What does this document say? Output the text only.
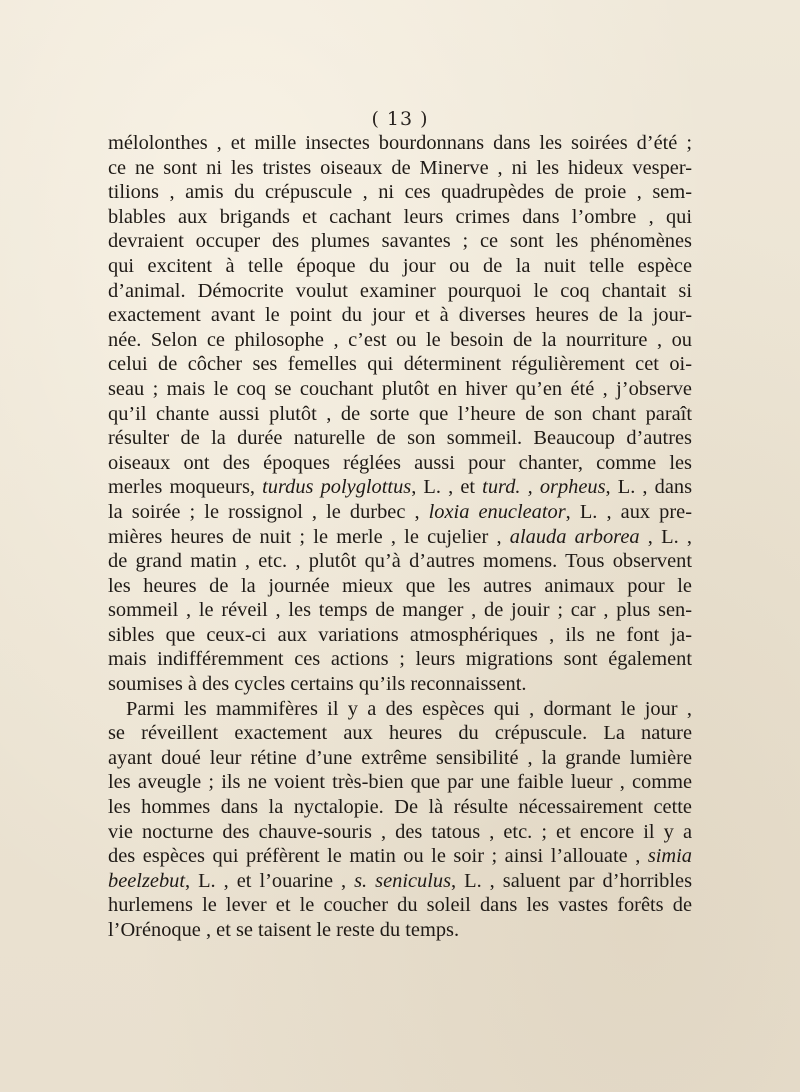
( 13 )
mélolonthes , et mille insectes bourdonnans dans les soirées d’été ;
ce ne sont ni les tristes oiseaux de Minerve , ni les hideux vesper-
tilions , amis du crépuscule , ni ces quadrupèdes de proie , sem-
blables aux brigands et cachant leurs crimes dans l’ombre , qui
devraient occuper des plumes savantes ; ce sont les phénomènes
qui excitent à telle époque du jour ou de la nuit telle espèce
d’animal. Démocrite voulut examiner pourquoi le coq chantait si
exactement avant le point du jour et à diverses heures de la jour-
née. Selon ce philosophe , c’est ou le besoin de la nourriture , ou
celui de côcher ses femelles qui déterminent régulièrement cet oi-
seau ; mais le coq se couchant plutôt en hiver qu’en été , j’observe
qu’il chante aussi plutôt , de sorte que l’heure de son chant paraît
résulter de la durée naturelle de son sommeil. Beaucoup d’autres
oiseaux ont des époques réglées aussi pour chanter, comme les
merles moqueurs, turdus polyglottus, L. , et turd. , orpheus, L. , dans
la soirée ; le rossignol , le durbec , loxia enucleator, L. , aux pre-
mières heures de nuit ; le merle , le cujelier , alauda arborea , L. ,
de grand matin , etc. , plutôt qu’à d’autres momens. Tous observent
les heures de la journée mieux que les autres animaux pour le
sommeil , le réveil , les temps de manger , de jouir ; car , plus sen-
sibles que ceux-ci aux variations atmosphériques , ils ne font ja-
mais indifféremment ces actions ; leurs migrations sont également
soumises à des cycles certains qu’ils reconnaissent.
Parmi les mammifères il y a des espèces qui , dormant le jour ,
se réveillent exactement aux heures du crépuscule. La nature
ayant doué leur rétine d’une extrême sensibilité , la grande lumière
les aveugle ; ils ne voient très-bien que par une faible lueur , comme
les hommes dans la nyctalopie. De là résulte nécessairement cette
vie nocturne des chauve-souris , des tatous , etc. ; et encore il y a
des espèces qui préfèrent le matin ou le soir ; ainsi l’allouate , simia
beelzebut, L. , et l’ouarine , s. seniculus, L. , saluent par d’horribles
hurlemens le lever et le coucher du soleil dans les vastes forêts de
l’Orénoque , et se taisent le reste du temps.
